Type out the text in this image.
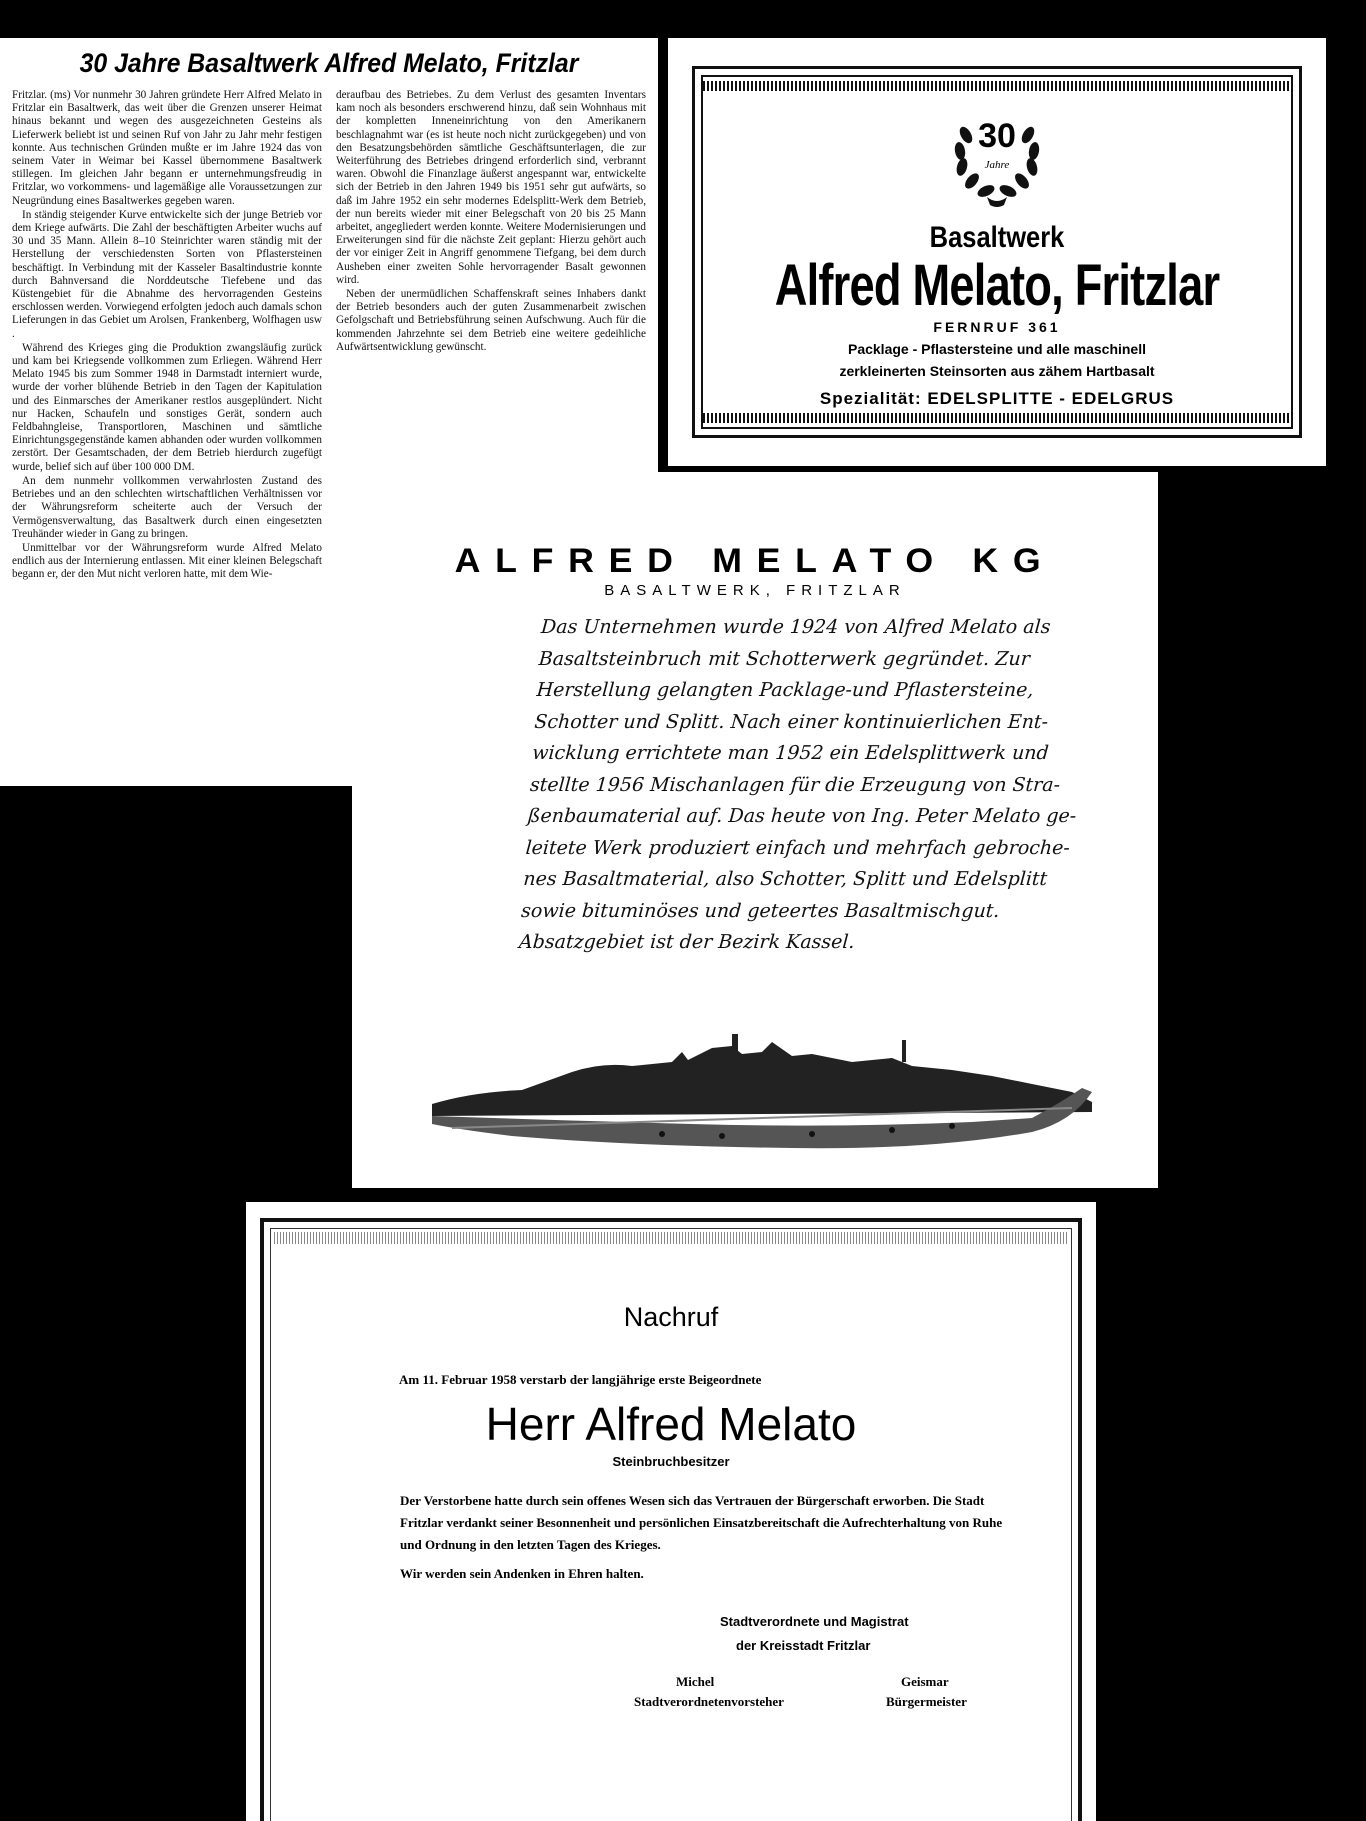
30 Jahre Basaltwerk Alfred Melato, Fritzlar

Fritzlar. (ms) Vor nunmehr 30 Jahren gründete Herr Alfred Melato in Fritzlar ein Basaltwerk, das weit über die Grenzen unserer Heimat hinaus bekannt und wegen des ausgezeichneten Gesteins als Lieferwerk beliebt ist und seinen Ruf von Jahr zu Jahr mehr festigen konnte. Aus technischen Gründen mußte er im Jahre 1924 das von seinem Vater in Weimar bei Kassel übernommene Basaltwerk stillegen. Im gleichen Jahr begann er unternehmungsfreudig in Fritzlar, wo vorkommens- und lagemäßige alle Voraussetzungen zur Neugründung eines Basaltwerkes gegeben waren.

In ständig steigender Kurve entwickelte sich der junge Betrieb vor dem Kriege aufwärts. Die Zahl der beschäftigten Arbeiter wuchs auf 30 und 35 Mann. Allein 8–10 Steinrichter waren ständig mit der Herstellung der verschiedensten Sorten von Pflastersteinen beschäftigt. In Verbindung mit der Kasseler Basaltindustrie konnte durch Bahnversand die Norddeutsche Tiefebene und das Küstengebiet für die Abnahme des hervorragenden Gesteins erschlossen werden. Vorwiegend erfolgten jedoch auch damals schon Lieferungen in das Gebiet um Arolsen, Frankenberg, Wolfhagen usw .

Während des Krieges ging die Produktion zwangsläufig zurück und kam bei Kriegsende vollkommen zum Erliegen. Während Herr Melato 1945 bis zum Sommer 1948 in Darmstadt interniert wurde, wurde der vorher blühende Betrieb in den Tagen der Kapitulation und des Einmarsches der Amerikaner restlos ausgeplündert. Nicht nur Hacken, Schaufeln und sonstiges Gerät, sondern auch Feldbahngleise, Transportloren, Maschinen und sämtliche Einrichtungsgegenstände kamen abhanden oder wurden vollkommen zerstört. Der Gesamtschaden, der dem Betrieb hierdurch zugefügt wurde, belief sich auf über 100 000 DM.

An dem nunmehr vollkommen verwahrlosten Zustand des Betriebes und an den schlechten wirtschaftlichen Verhältnissen vor der Währungsreform scheiterte auch der Versuch der Vermögensverwaltung, das Basaltwerk durch einen eingesetzten Treuhänder wieder in Gang zu bringen.

Unmittelbar vor der Währungsreform wurde Alfred Melato endlich aus der Internierung entlassen. Mit einer kleinen Belegschaft begann er, der den Mut nicht verloren hatte, mit dem Wie-

deraufbau des Betriebes. Zu dem Verlust des gesamten Inventars kam noch als besonders erschwerend hinzu, daß sein Wohnhaus mit der kompletten Inneneinrichtung von den Amerikanern beschlagnahmt war (es ist heute noch nicht zurückgegeben) und von den Besatzungsbehörden sämtliche Geschäftsunterlagen, die zur Weiterführung des Betriebes dringend erforderlich sind, verbrannt waren. Obwohl die Finanzlage äußerst angespannt war, entwickelte sich der Betrieb in den Jahren 1949 bis 1951 sehr gut aufwärts, so daß im Jahre 1952 ein sehr modernes Edelsplitt-Werk dem Betrieb, der nun bereits wieder mit einer Belegschaft von 20 bis 25 Mann arbeitet, angegliedert werden konnte. Weitere Modernisierungen und Erweiterungen sind für die nächste Zeit geplant: Hierzu gehört auch der vor einiger Zeit in Angriff genommene Tiefgang, bei dem durch Ausheben einer zweiten Sohle hervorragender Basalt gewonnen wird.

Neben der unermüdlichen Schaffenskraft seines Inhabers dankt der Betrieb besonders auch der guten Zusammenarbeit zwischen Gefolgschaft und Betriebsführung seinen Aufschwung. Auch für die kommenden Jahrzehnte sei dem Betrieb eine weitere gedeihliche Aufwärtsentwicklung gewünscht.

30
Jahre
Basaltwerk
Alfred Melato, Fritzlar
FERNRUF 361
Packlage - Pflastersteine und alle maschinell
zerkleinerten Steinsorten aus zähem Hartbasalt
Spezialität: EDELSPLITTE - EDELGRUS
ALFRED MELATO KG
BASALTWERK, FRITZLAR
Das Unternehmen wurde 1924 von Alfred Melato als
Basaltsteinbruch mit Schotterwerk gegründet. Zur
Herstellung gelangten Packlage-und Pflastersteine,
Schotter und Splitt. Nach einer kontinuierlichen Ent-
wicklung errichtete man 1952 ein Edelsplittwerk und
stellte 1956 Mischanlagen für die Erzeugung von Stra-
ßenbaumaterial auf. Das heute von Ing. Peter Melato ge-
leitete Werk produziert einfach und mehrfach gebroche-
nes Basaltmaterial, also Schotter, Splitt und Edelsplitt
sowie bituminöses und geteertes Basaltmischgut.
Absatzgebiet ist der Bezirk Kassel.
Nachruf
Am 11. Februar 1958 verstarb der langjährige erste Beigeordnete
Herr Alfred Melato
Steinbruchbesitzer

Der Verstorbene hatte durch sein offenes Wesen sich das Vertrauen der Bürgerschaft erworben. Die Stadt Fritzlar verdankt seiner Besonnenheit und persönlichen Einsatzbereitschaft die Aufrechterhaltung von Ruhe und Ordnung in den letzten Tagen des Krieges.

Wir werden sein Andenken in Ehren halten.
Stadtverordnete und Magistrat
der Kreisstadt Fritzlar
Michel	Geismar
Stadtverordnetenvorsteher	Bürgermeister
